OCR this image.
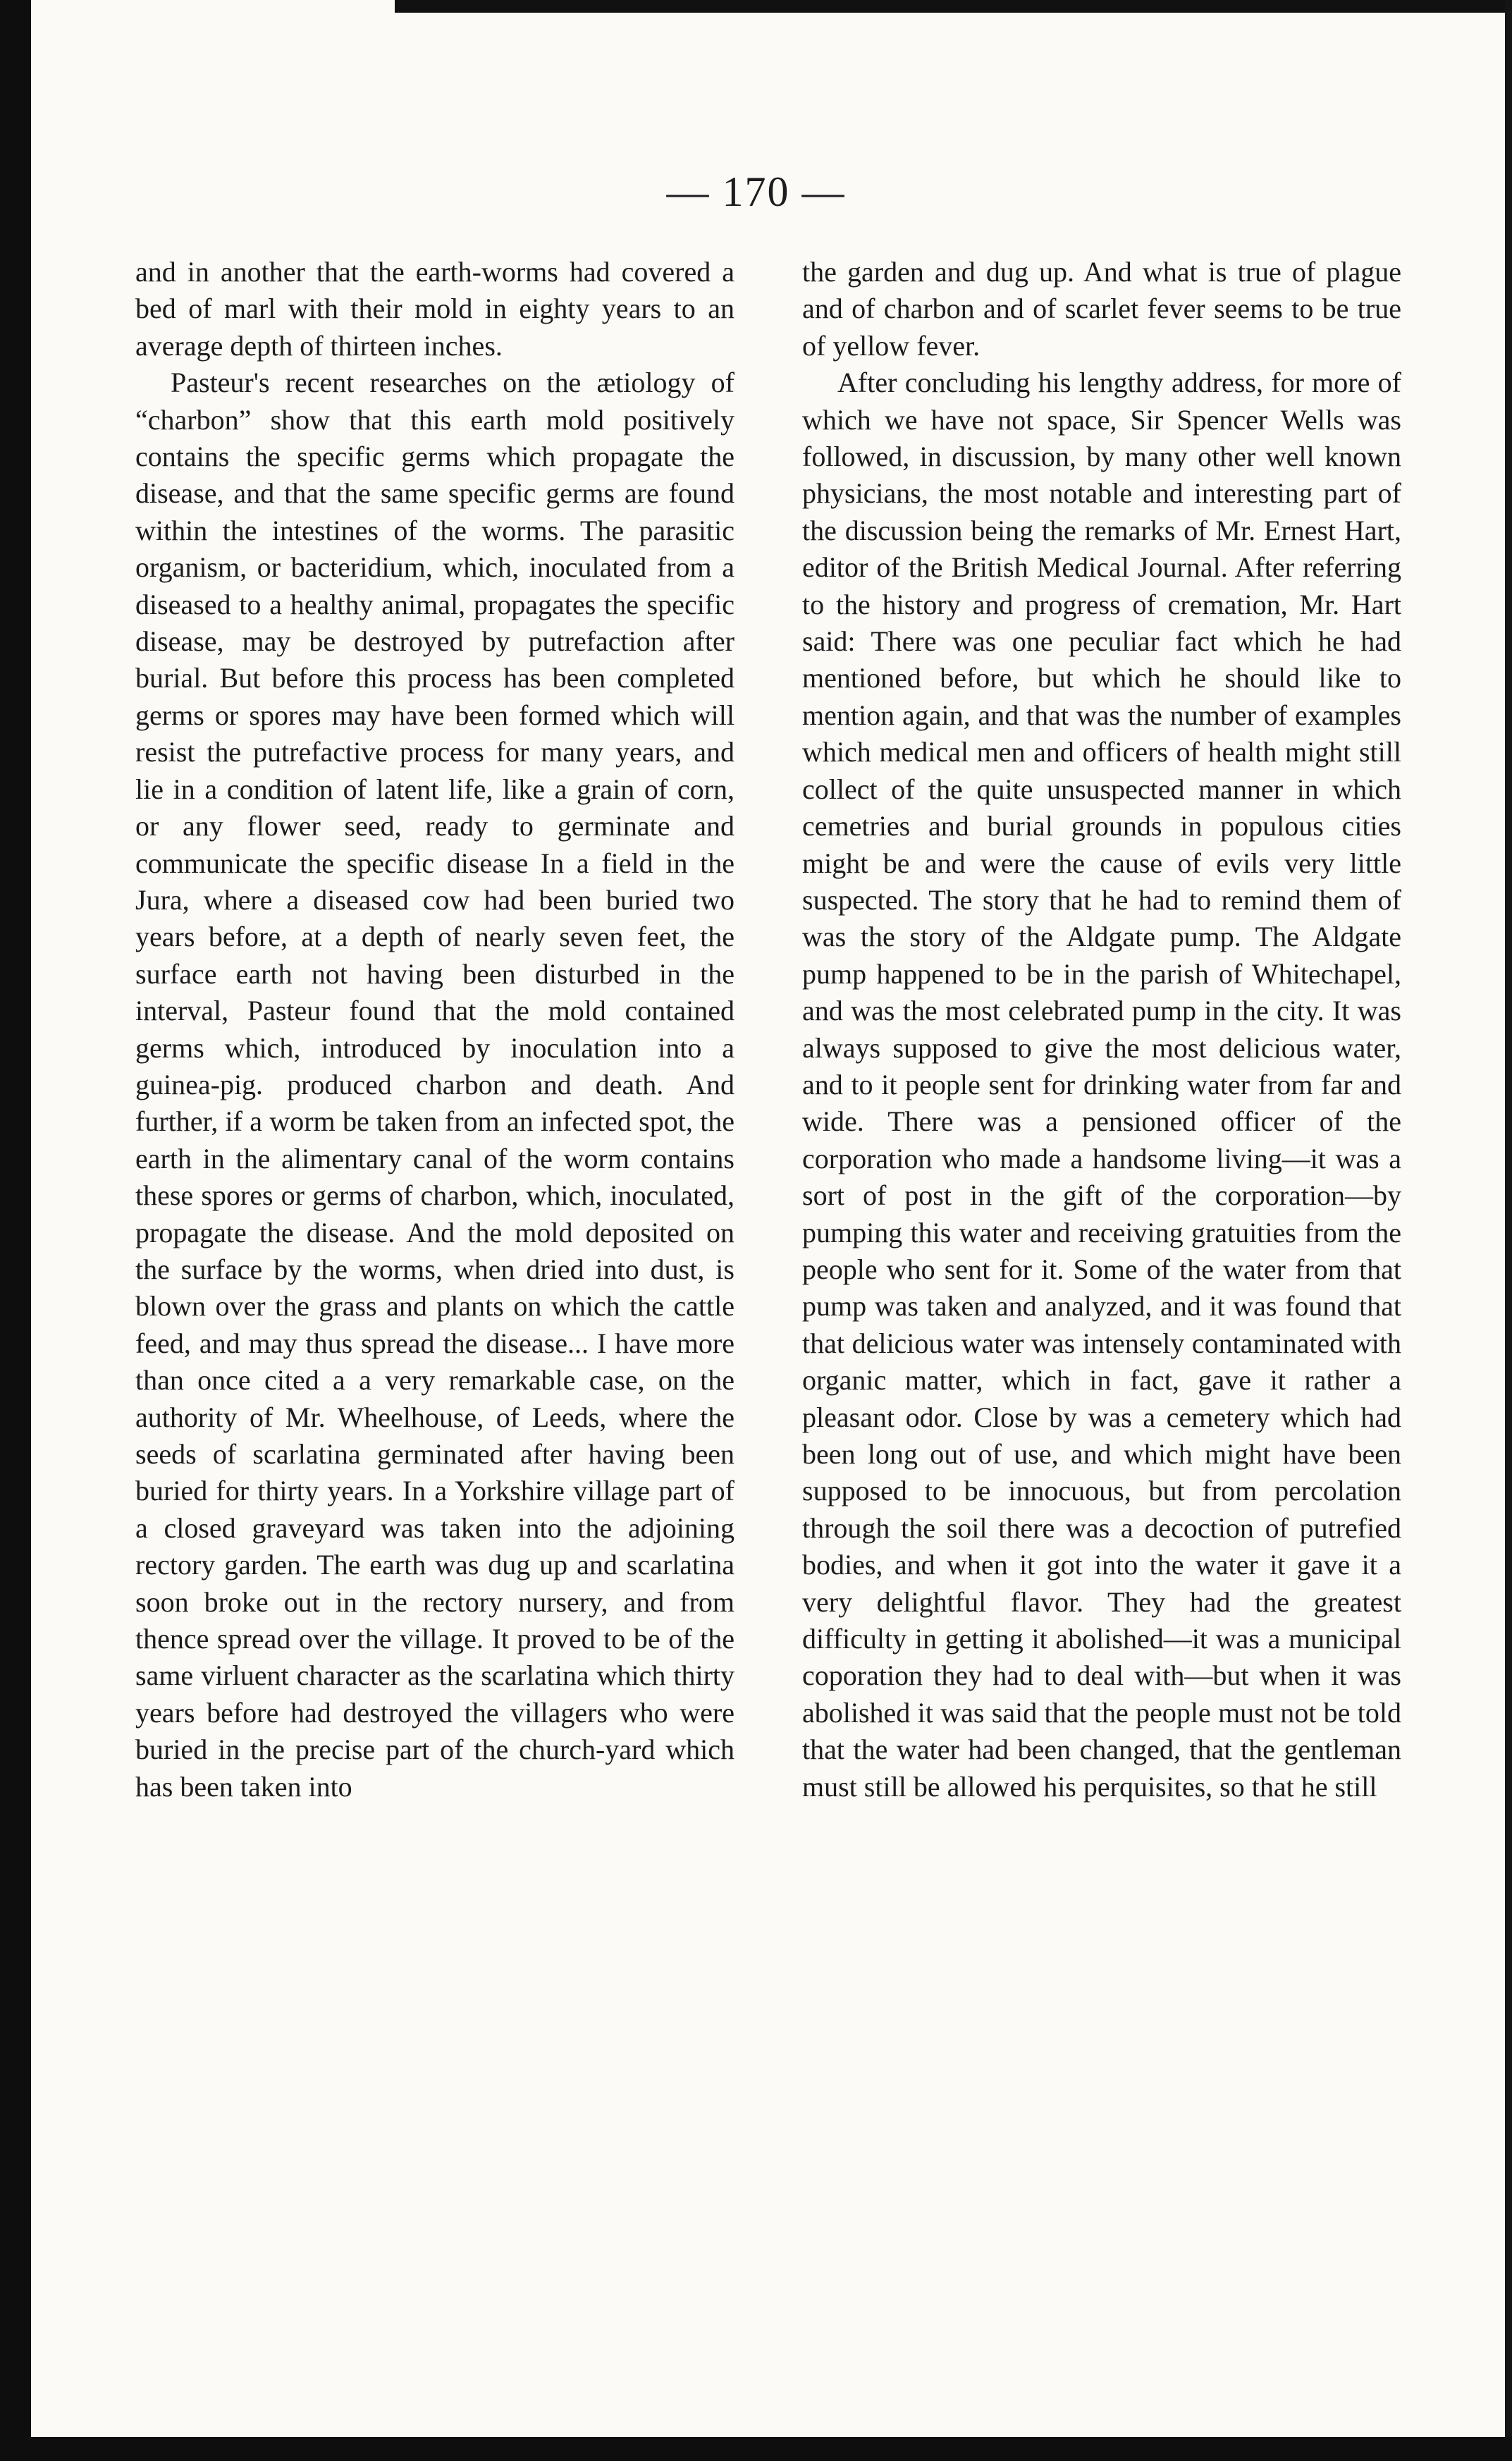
— 170 —

and in another that the earth-worms had covered a bed of marl with their mold in eighty years to an average depth of thirteen inches.

Pasteur's recent researches on the ætiology of “charbon” show that this earth mold positively contains the specific germs which propagate the disease, and that the same specific germs are found within the intestines of the worms. The parasitic organism, or bacteridium, which, inoculated from a diseased to a healthy animal, propagates the specific disease, may be destroyed by putrefaction after burial. But before this process has been completed germs or spores may have been formed which will resist the putrefactive process for many years, and lie in a condition of latent life, like a grain of corn, or any flower seed, ready to germinate and communicate the specific disease In a field in the Jura, where a diseased cow had been buried two years before, at a depth of nearly seven feet, the surface earth not having been disturbed in the interval, Pasteur found that the mold contained germs which, introduced by inoculation into a guinea-pig. produced charbon and death. And further, if a worm be taken from an infected spot, the earth in the alimentary canal of the worm contains these spores or germs of charbon, which, inoculated, propagate the disease. And the mold deposited on the surface by the worms, when dried into dust, is blown over the grass and plants on which the cattle feed, and may thus spread the disease... I have more than once cited a a very remarkable case, on the authority of Mr. Wheelhouse, of Leeds, where the seeds of scarlatina germinated after having been buried for thirty years. In a Yorkshire village part of a closed graveyard was taken into the adjoining rectory garden. The earth was dug up and scarlatina soon broke out in the rectory nursery, and from thence spread over the village. It proved to be of the same virluent character as the scarlatina which thirty years before had destroyed the villagers who were buried in the precise part of the church-yard which has been taken into

the garden and dug up. And what is true of plague and of charbon and of scarlet fever seems to be true of yellow fever.

After concluding his lengthy address, for more of which we have not space, Sir Spencer Wells was followed, in discussion, by many other well known physicians, the most notable and interesting part of the discussion being the remarks of Mr. Ernest Hart, editor of the British Medical Journal. After referring to the history and progress of cremation, Mr. Hart said: There was one peculiar fact which he had mentioned before, but which he should like to mention again, and that was the number of examples which medical men and officers of health might still collect of the quite unsuspected manner in which cemetries and burial grounds in populous cities might be and were the cause of evils very little suspected. The story that he had to remind them of was the story of the Aldgate pump. The Aldgate pump happened to be in the parish of Whitechapel, and was the most celebrated pump in the city. It was always supposed to give the most delicious water, and to it people sent for drinking water from far and wide. There was a pensioned officer of the corporation who made a handsome living—it was a sort of post in the gift of the corporation—by pumping this water and receiving gratuities from the people who sent for it. Some of the water from that pump was taken and analyzed, and it was found that that delicious water was intensely contaminated with organic matter, which in fact, gave it rather a pleasant odor. Close by was a cemetery which had been long out of use, and which might have been supposed to be innocuous, but from percolation through the soil there was a decoction of putrefied bodies, and when it got into the water it gave it a very delightful flavor. They had the greatest difficulty in getting it abolished—it was a municipal coporation they had to deal with—but when it was abolished it was said that the people must not be told that the water had been changed, that the gentleman must still be allowed his perquisites, so that he still
